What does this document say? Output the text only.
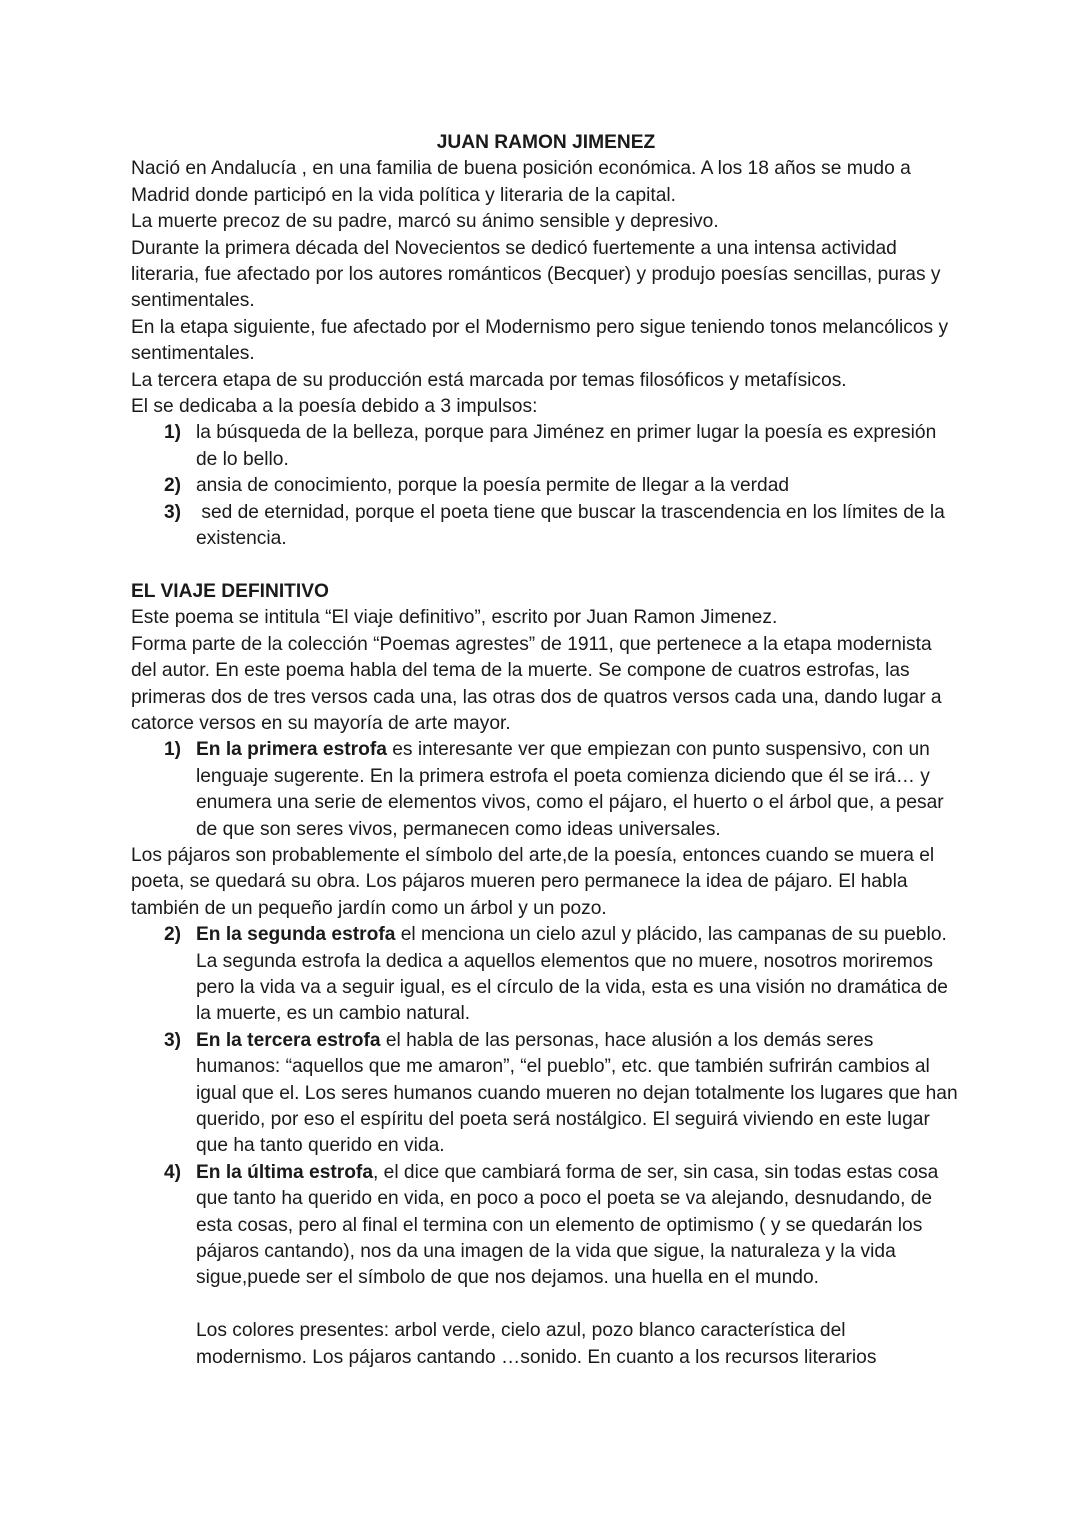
JUAN RAMON JIMENEZ

Nació en Andalucía , en una familia de buena posición económica. A los 18 años se mudo a Madrid donde participó en la vida política y literaria de la capital.

La muerte precoz de su padre, marcó su ánimo sensible y depresivo.

Durante la primera década del Novecientos se dedicó fuertemente a una intensa actividad literaria, fue afectado por los autores románticos (Becquer) y produjo poesías sencillas, puras y sentimentales.

En la etapa siguiente, fue afectado por el Modernismo pero sigue teniendo tonos melancólicos y sentimentales.

La tercera etapa de su producción está marcada por temas filosóficos y metafísicos.

El se dedicaba a la poesía debido a 3 impulsos:

1) la búsqueda de la belleza, porque para Jiménez en primer lugar la poesía es expresión de lo bello.
2) ansia de conocimiento, porque la poesía permite de llegar a la verdad
3) sed de eternidad, porque el poeta tiene que buscar la trascendencia en los límites de la existencia.

EL VIAJE DEFINITIVO

Este poema se intitula “El viaje definitivo”, escrito por Juan Ramon Jimenez.

Forma parte de la colección “Poemas agrestes” de 1911, que pertenece a la etapa modernista del autor. En este poema habla del tema de la muerte. Se compone de cuatros estrofas, las primeras dos de tres versos cada una, las otras dos de quatros versos cada una, dando lugar a catorce versos en su mayoría de arte mayor.

1) En la primera estrofa es interesante ver que empiezan con punto suspensivo, con un lenguaje sugerente. En la primera estrofa el poeta comienza diciendo que él se irá… y enumera una serie de elementos vivos, como el pájaro, el huerto o el árbol que, a pesar de que son seres vivos, permanecen como ideas universales.

Los pájaros son probablemente el símbolo del arte,de la poesía, entonces cuando se muera el poeta, se quedará su obra. Los pájaros mueren pero permanece la idea de pájaro. El habla también de un pequeño jardín como un árbol y un pozo.

2) En la segunda estrofa el menciona un cielo azul y plácido, las campanas de su pueblo. La segunda estrofa la dedica a aquellos elementos que no muere, nosotros moriremos pero la vida va a seguir igual, es el círculo de la vida, esta es una visión no dramática de la muerte, es un cambio natural.
3) En la tercera estrofa el habla de las personas, hace alusión a los demás seres humanos: “aquellos que me amaron”, “el pueblo”, etc. que también sufrirán cambios al igual que el. Los seres humanos cuando mueren no dejan totalmente los lugares que han querido, por eso el espíritu del poeta será nostálgico. El seguirá viviendo en este lugar que ha tanto querido en vida.
4) En la última estrofa, el dice que cambiará forma de ser, sin casa, sin todas estas cosa que tanto ha querido en vida, en poco a poco el poeta se va alejando, desnudando, de esta cosas, pero al final el termina con un elemento de optimismo ( y se quedarán los pájaros cantando), nos da una imagen de la vida que sigue, la naturaleza y la vida sigue,puede ser el símbolo de que nos dejamos. una huella en el mundo.

Los colores presentes: arbol verde, cielo azul, pozo blanco característica del modernismo. Los pájaros cantando …sonido. En cuanto a los recursos literarios
